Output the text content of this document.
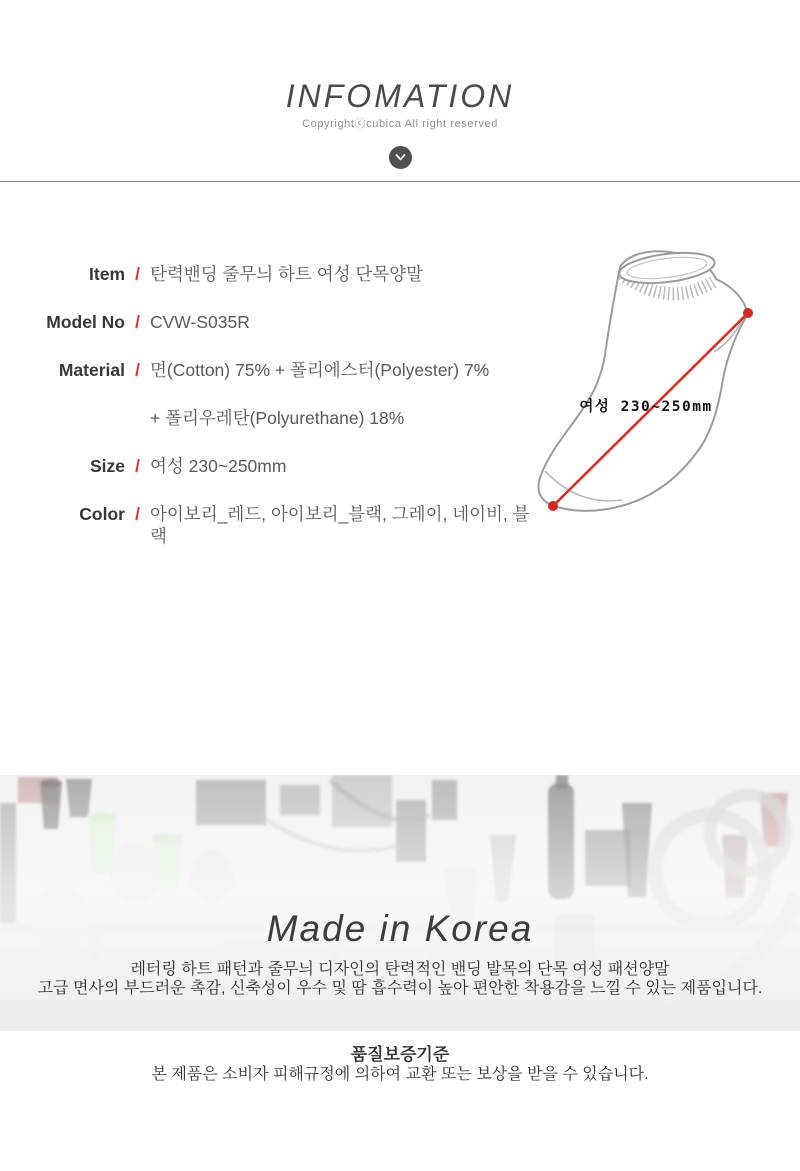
INFOMATION
Copyrightⓒcubica All right reserved
Item / 탄력밴딩 줄무늬 하트 여성 단목양말
Model No / CVW-S035R
Material / 면(Cotton) 75% + 폴리에스터(Polyester) 7%
+ 폴리우레탄(Polyurethane) 18%
Size / 여성 230~250mm
Color / 아이보리_레드, 아이보리_블랙, 그레이, 네이비, 블랙
여성 230~250mm
Made in Korea

레터링 하트 패턴과 줄무늬 디자인의 탄력적인 밴딩 발목의 단목 여성 패션양말

고급 면사의 부드러운 촉감, 신축성이 우수 및 땀 흡수력이 높아 편안한 착용감을 느낄 수 있는 제품입니다.

품질보증기준

본 제품은 소비자 피해규정에 의하여 교환 또는 보상을 받을 수 있습니다.
